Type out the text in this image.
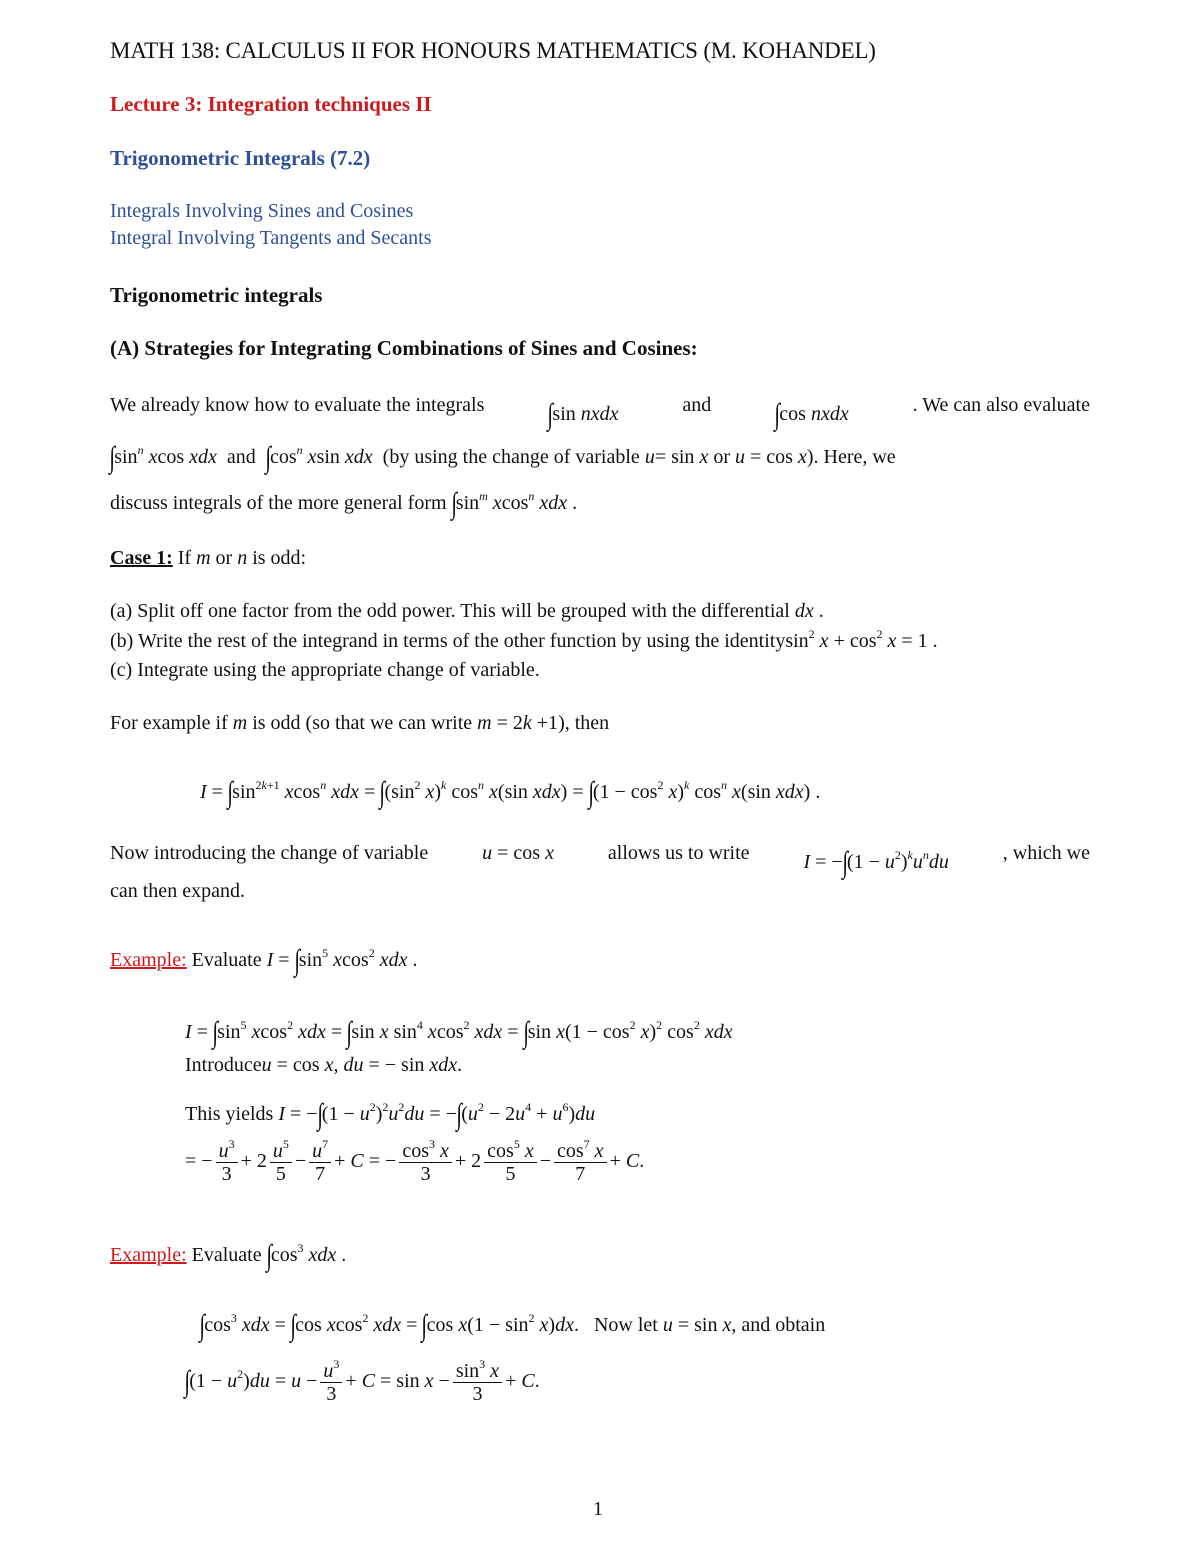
MATH 138: CALCULUS II FOR HONOURS MATHEMATICS (M. KOHANDEL)
Lecture 3: Integration techniques II
Trigonometric Integrals (7.2)
Integrals Involving Sines and Cosines
Integral Involving Tangents and Secants
Trigonometric integrals
(A) Strategies for Integrating Combinations of Sines and Cosines:
We already know how to evaluate the integrals ∫sin nxdx	and ∫cos nxdx	. We can also evaluate
$\int\sin^n$ xcos xdx and $\int\cos^n$ xsin xdx (by using the change of variable u= sin x or u = cos x). Here, we
discuss integrals of the more general form $\int\sin^m$ xcos$^n$ xdx .
Case 1: If m or n is odd:
(a) Split off one factor from the odd power. This will be grouped with the differential dx .
(b) Write the rest of the integrand in terms of the other function by using the identitysin$^2$ $x + \cos^2 x = 1$ .
(c) Integrate using the appropriate change of variable.
For example if m is odd (so that we can write m = 2k +1), then
$I = \int\sin^{2k+1}$ xcos$^n$ xdx = $\int(\sin^2$ x)$^k$ $\cos^n x(\sin$ $xdx) = \int(1 - \cos^2 x)^k$ $\cos^n x(\sin$ xdx) .
Now introducing the change of variable	u = cos x	allows us to write	$I = -\int(1 - u^2)^ku^ndu$	, which we
can then expand.
Example: Evaluate $I = \int\sin^5$ xcos$^2$ xdx .
$I = \int\sin^5$ xcos$^2$ xdx = ∫sin x $\sin^4 xcos^2$ xdx = ∫sin $x(1 - \cos^2 x)^2$ $\cos^2$ xdx
Introduceu = cos x, du = − sin xdx.
This yields $I = -\int(1 - u^2)^2u^2du = -\int(u^2 - 2u^4 + u^6)du$
= − $\frac{u^3}{3} + 2 \frac{u^5}{5} - \frac{u^7}{7} + C$ = − $\frac{\cos^3 x}{3} + 2 \frac{\cos^5 x}{5} - \frac{\cos^7 x}{7} + C$.
Example: Evaluate $\int\cos^3$ xdx .
$\int\cos^3$ xdx = ∫cos xcos$^2$ xdx = ∫cos $x(1 - \sin^2 x)dx$.   Now let u = sin x, and obtain
$\int(1 - u^2)du = u - \frac{u^3}{3} + C = \sin x - \frac{\sin^3 x}{3} + C$.
1
